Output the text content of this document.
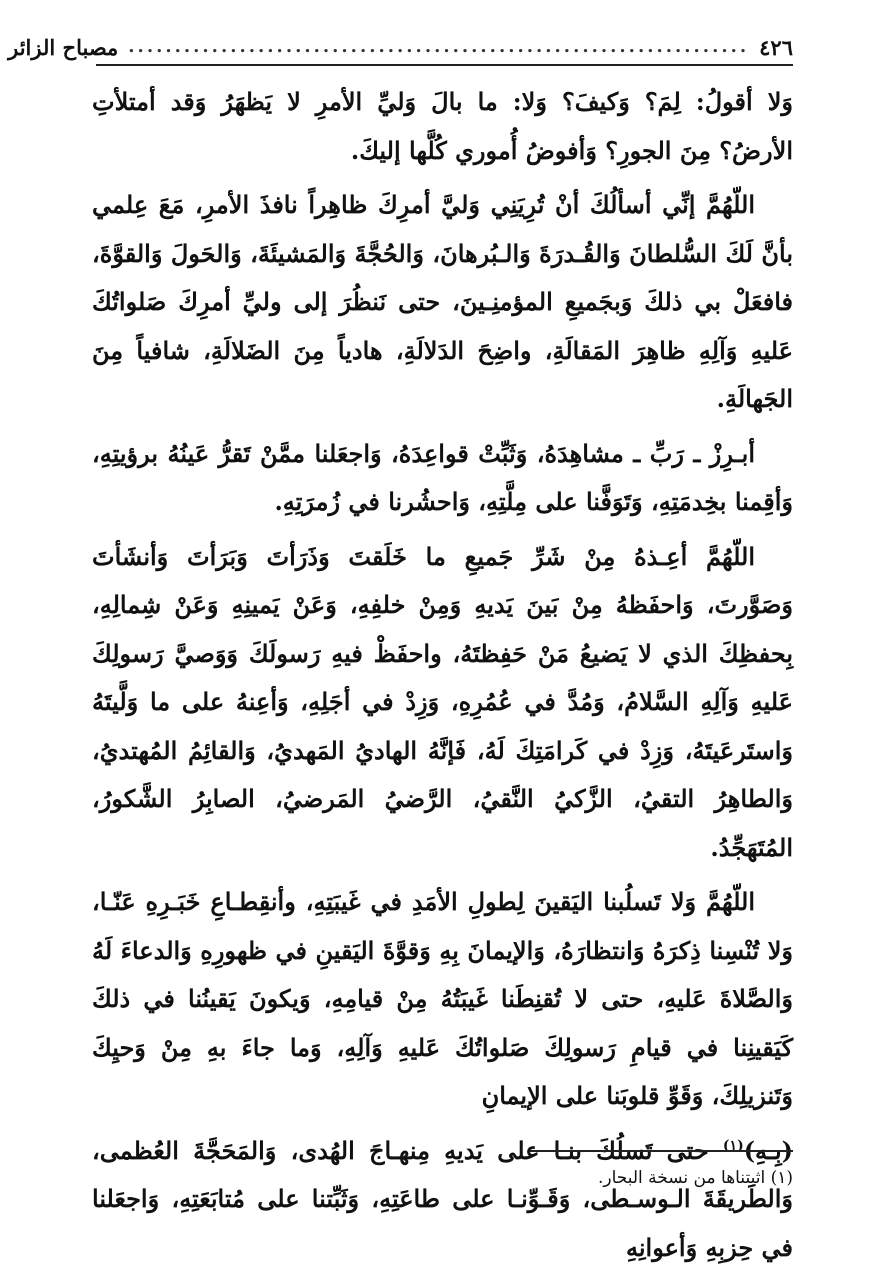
٤٢٦
...................................................................
مصباح الزائر

وَلا أقولُ: لِمَ؟ وَكيفَ؟ وَلا: ما بالَ وَليِّ الأمرِ لا يَظهَرُ وَقد أمتلأتِ الأرضُ؟ مِنَ الجورِ؟ وَأفوضُ أُموري كُلَّها إليكَ.

اللّهُمَّ إنِّي أسألُكَ أنْ تُرِيَنِي وَليَّ أمرِكَ ظاهِراً نافذَ الأمرِ، مَعَ عِلمي بأنَّ لَكَ السُّلطانَ وَالقُـدرَةَ وَالـبُرهانَ، وَالحُجَّةَ وَالمَشيئَةَ، وَالحَولَ وَالقوَّةَ، فافعَلْ بي ذلكَ وَبجَميعِ المؤمنِـينَ، حتى نَنظُرَ إلى وليِّ أمرِكَ صَلواتُكَ عَليهِ وَآلِهِ ظاهِرَ المَقالَةِ، واضِحَ الدَلالَةِ، هادياً مِنَ الضَلالَةِ، شافياً مِنَ الجَهالَةِ.

أبـرِزْ ـ رَبِّ ـ مشاهِدَهُ، وَثَبِّتْ قواعِدَهُ، وَاجعَلنا ممَّنْ تَقرُّ عَينُهُ برؤيتِهِ، وَأقِمنا بخِدمَتِهِ، وَتَوَفَّنا على مِلَّتِهِ، وَاحشُرنا في زُمرَتِهِ.

اللّهُمَّ أعِـذهُ مِنْ شَرِّ جَميعِ ما خَلَقتَ وَذَرَأتَ وَبَرَأتَ وَأنشَأتَ وَصَوَّرتَ، وَاحفَظهُ مِنْ بَينَ يَديهِ وَمِنْ خلفِهِ، وَعَنْ يَمينِهِ وَعَنْ شِمالِهِ، بِحفظِكَ الذي لا يَضيعُ مَنْ حَفِظتَهُ، واحفَظْ فيهِ رَسولَكَ وَوَصيَّ رَسولِكَ عَليهِ وَآلِهِ السَّلامُ، وَمُدَّ في عُمُرِهِ، وَزِدْ في أجَلِهِ، وَأعِنهُ على ما وَلَّيتَهُ وَاستَرعَيتَهُ، وَزِدْ في كَرامَتِكَ لَهُ، فَإنَّهُ الهاديُ المَهديُ، وَالقائِمُ المُهتديُ، وَالطاهِرُ التقيُ، الزَّكيُ النَّقيُ، الرَّضيُ المَرضيُ، الصابِرُ الشَّكورُ، المُتَهَجِّدُ.

اللّهُمَّ وَلا تَسلُبنا اليَقينَ لِطولِ الأمَدِ في غَيبَتِهِ، وأنقِطـاعِ خَبَـرِهِ عَنّـا، وَلا تُنْسِنا ذِكرَهُ وَانتظارَهُ، وَالإيمانَ بِهِ وَقوَّةَ اليَقينِ في ظهورِهِ وَالدعاءَ لَهُ وَالصَّلاةَ عَليهِ، حتى لا تُقنِطَنا غَيبَتُهُ مِنْ قيامِهِ، وَيكونَ يَقينُنا في ذلكَ كَيَقينِنا في قيامِ رَسولِكَ صَلواتُكَ عَليهِ وَآلِهِ، وَما جاءَ بهِ مِنْ وَحيِكَ وَتَنزيلِكَ، وَقَوِّ قلوبَنا على الإيمانِ

(بِـهِ)$^{(١)}$ حتى تَسلُكَ بنـا على يَديهِ مِنهـاجَ الهُدى، وَالمَحَجَّةَ العُظمى، وَالطَريقَةَ الـوسـطى، وَقَـوِّنـا على طاعَتِهِ، وَثَبِّتنا على مُتابَعَتِهِ، وَاجعَلنا في حِزبِهِ وَأعوانِهِ

(١) اثبتناها من نسخة البحار.
